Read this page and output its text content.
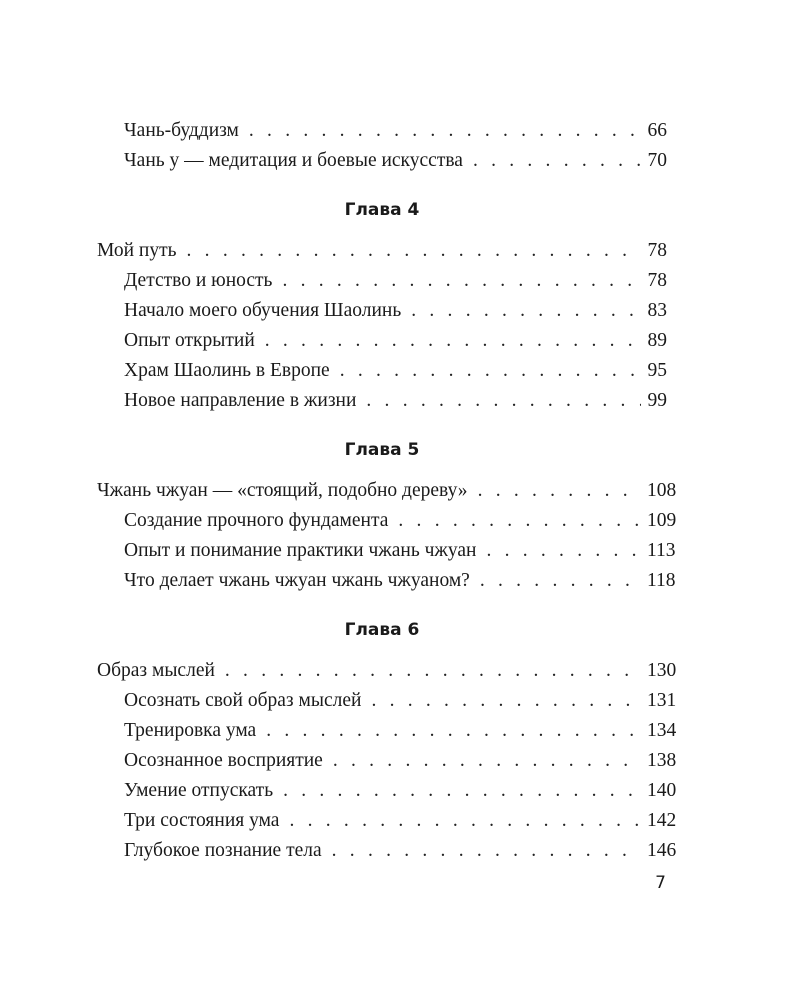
Чань-буддизм . . .	66
Чань у — медитация и боевые искусства . . .	70
Глава 4
Мой путь . . .	78
Детство и юность . . .	78
Начало моего обучения Шаолинь . . .	83
Опыт открытий . . .	89
Храм Шаолинь в Европе . . .	95
Новое направление в жизни . . .	99
Глава 5
Чжань чжуан — «стоящий, подобно дереву» . . .	108
Создание прочного фундамента . . .	109
Опыт и понимание практики чжань чжуан . . .	113
Что делает чжань чжуан чжань чжуаном? . . .	118
Глава 6
Образ мыслей . . .	130
Осознать свой образ мыслей . . .	131
Тренировка ума . . .	134
Осознанное восприятие . . .	138
Умение отпускать . . .	140
Три состояния ума . . .	142
Глубокое познание тела . . .	146
7
